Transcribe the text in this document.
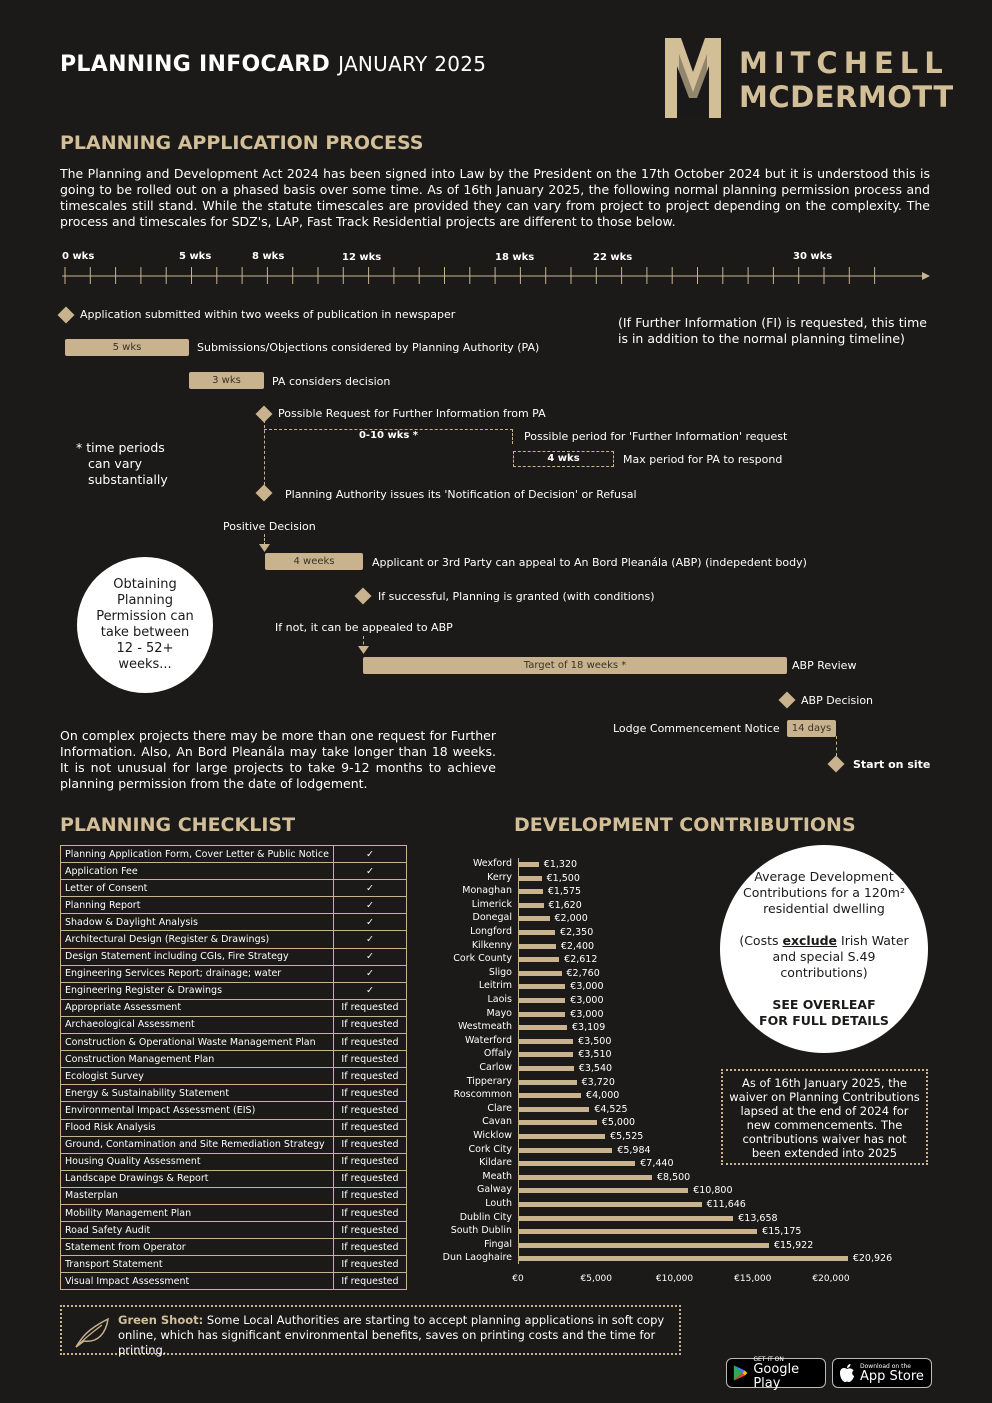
PLANNING INFOCARD JANUARY 2025	MITCHELL
MCDERMOTT
PLANNING APPLICATION PROCESS
The Planning and Development Act 2024 has been signed into Law by the President on the 17th October 2024 but it is understood this is going to be rolled out on a phased basis over some time. As of 16th January 2025, the following normal planning permission process and timescales still stand. While the statute timescales are provided they can vary from project to project depending on the complexity. The process and timescales for SDZ's, LAP, Fast Track Residential projects are different to those below.
0 wks	5 wks	8 wks	12 wks	18 wks	22 wks	30 wks
Application submitted within two weeks of publication in newspaper
5 wks	Submissions/Objections considered by Planning Authority (PA)
3 wks	PA considers decision
Possible Request for Further Information from PA
0-10 wks *	Possible period for 'Further Information' request
4 wks	Max period for PA to respond
Planning Authority issues its 'Notification of Decision' or Refusal
Positive Decision
4 weeks	Applicant or 3rd Party can appeal to An Bord Pleanála (ABP) (indepedent body)
If successful, Planning is granted (with conditions)
If not, it can be appealed to ABP
Target of 18 weeks *	ABP Review
ABP Decision
Lodge Commencement Notice	14 days
Start on site
(If Further Information (FI) is requested, this time is in addition to the normal planning timeline)
* time periods can vary substantially
Obtaining Planning Permission can take between 12 - 52+ weeks...
On complex projects there may be more than one request for Further Information. Also, An Bord Pleanála may take longer than 18 weeks. It is not unusual for large projects to take 9-12 months to achieve planning permission from the date of lodgement.
PLANNING CHECKLIST
Planning Application Form, Cover Letter & Public Notice	✓
Application Fee	✓
Letter of Consent	✓
Planning Report	✓
Shadow & Daylight Analysis	✓
Architectural Design (Register & Drawings)	✓
Design Statement including CGIs, Fire Strategy	✓
Engineering Services Report; drainage; water	✓
Engineering Register & Drawings	✓
Appropriate Assessment	If requested
Archaeological Assessment	If requested
Construction & Operational Waste Management Plan	If requested
Construction Management Plan	If requested
Ecologist Survey	If requested
Energy & Sustainability Statement	If requested
Environmental Impact Assessment (EIS)	If requested
Flood Risk Analysis	If requested
Ground, Contamination and Site Remediation Strategy	If requested
Housing Quality Assessment	If requested
Landscape Drawings & Report	If requested
Masterplan	If requested
Mobility Management Plan	If requested
Road Safety Audit	If requested
Statement from Operator	If requested
Transport Statement	If requested
Visual Impact Assessment	If requested
DEVELOPMENT CONTRIBUTIONS
Wexford	€1,320
Kerry	€1,500
Monaghan	€1,575
Limerick	€1,620
Donegal	€2,000
Longford	€2,350
Kilkenny	€2,400
Cork County	€2,612
Sligo	€2,760
Leitrim	€3,000
Laois	€3,000
Mayo	€3,000
Westmeath	€3,109
Waterford	€3,500
Offaly	€3,510
Carlow	€3,540
Tipperary	€3,720
Roscommon	€4,000
Clare	€4,525
Cavan	€5,000
Wicklow	€5,525
Cork City	€5,984
Kildare	€7,440
Meath	€8,500
Galway	€10,800
Louth	€11,646
Dublin City	€13,658
South Dublin	€15,175
Fingal	€15,922
Dun Laoghaire	€20,926
€0	€5,000	€10,000	€15,000	€20,000
Average Development Contributions for a 120m² residential dwelling
(Costs exclude Irish Water and special S.49 contributions)
SEE OVERLEAF FOR FULL DETAILS
As of 16th January 2025, the waiver on Planning Contributions lapsed at the end of 2024 for new commencements. The contributions waiver has not been extended into 2025
Green Shoot: Some Local Authorities are starting to accept planning applications in soft copy online, which has significant environmental benefits, saves on printing costs and the time for printing.
GET IT ON
Google Play
Download on the
App Store
